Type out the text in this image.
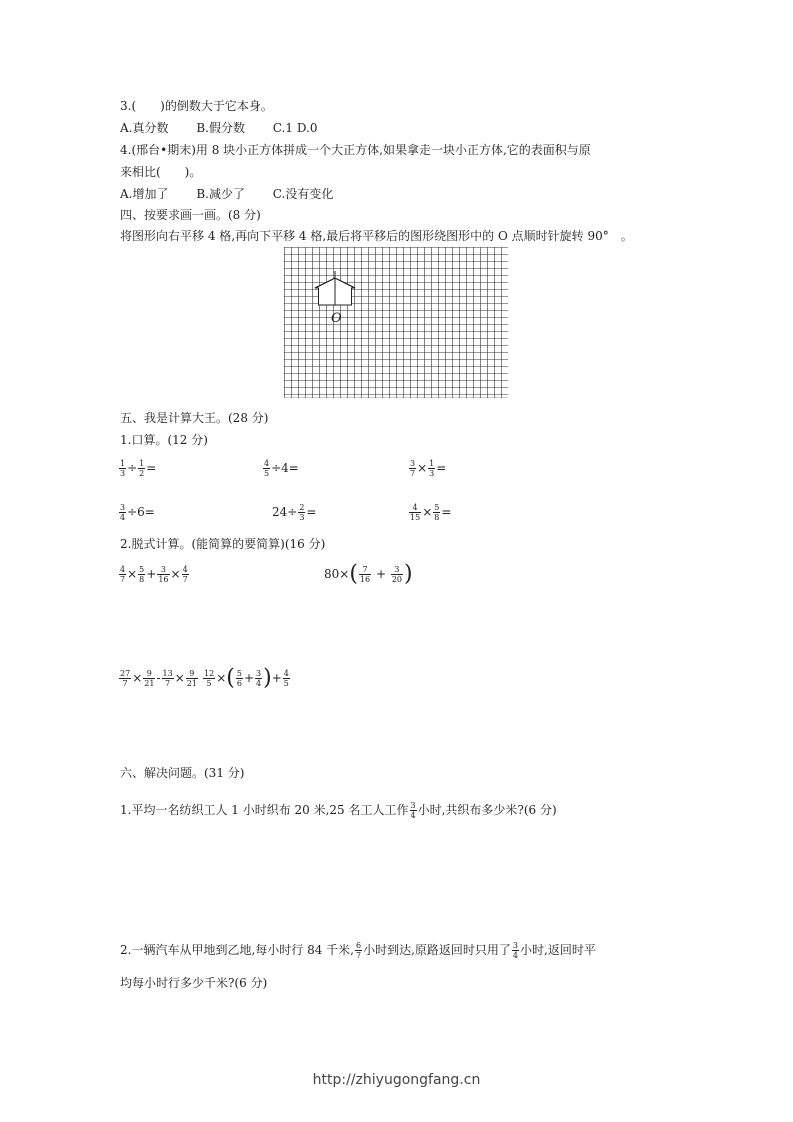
3.(　　)的倒数大于它本身。
A.真分数 B.假分数 C.1 D.0
4.(邢台•期末)用 8 块小正方体拼成一个大正方体,如果拿走一块小正方体,它的表面积与原
来相比(　　)。
A.增加了 B.减少了 C.没有变化
四、按要求画一画。(8 分)
将图形向右平移 4 格,再向下平移 4 格,最后将平移后的图形绕图形中的 O 点顺时针旋转 90°　。
O
五、我是计算大王。(28 分)
1.口算。(12 分)
$\frac{1}{3} \div \frac{1}{2}$ =	$\frac{4}{5} \div 4=$	$\frac{3}{7} \times \frac{1}{3}$ =
$\frac{3}{4} \div 6=$	$24\div \frac{2}{3}$ =	$\frac{4}{15} \times \frac{5}{8}$ =
2.脱式计算。(能简算的要简算)(16 分)
$\frac{4}{7} \times \frac{5}{8} + \frac{3}{16} \times \frac{4}{7}$	$80\times( \frac{7}{16} + \frac{3}{20}$ )
$\frac{27}{7} \times \frac{9}{21} - \frac{13}{7} \times \frac{9}{21} \frac{12}{5}$ ×( $\frac{5}{6} + \frac{3}{4}$ )+ $\frac{4}{5}$
六、解决问题。(31 分)
1.平均一名纺织工人 1 小时织布 20 米,25 名工人工作 $\frac{3}{4}$ 小时,共织布多少米?(6 分)
2.一辆汽车从甲地到乙地,每小时行 84 千米, $\frac{6}{7}$ 小时到达,原路返回时只用了 $\frac{3}{4}$ 小时,返回时平
均每小时行多少千米?(6 分)
http://zhiyugongfang.cn
